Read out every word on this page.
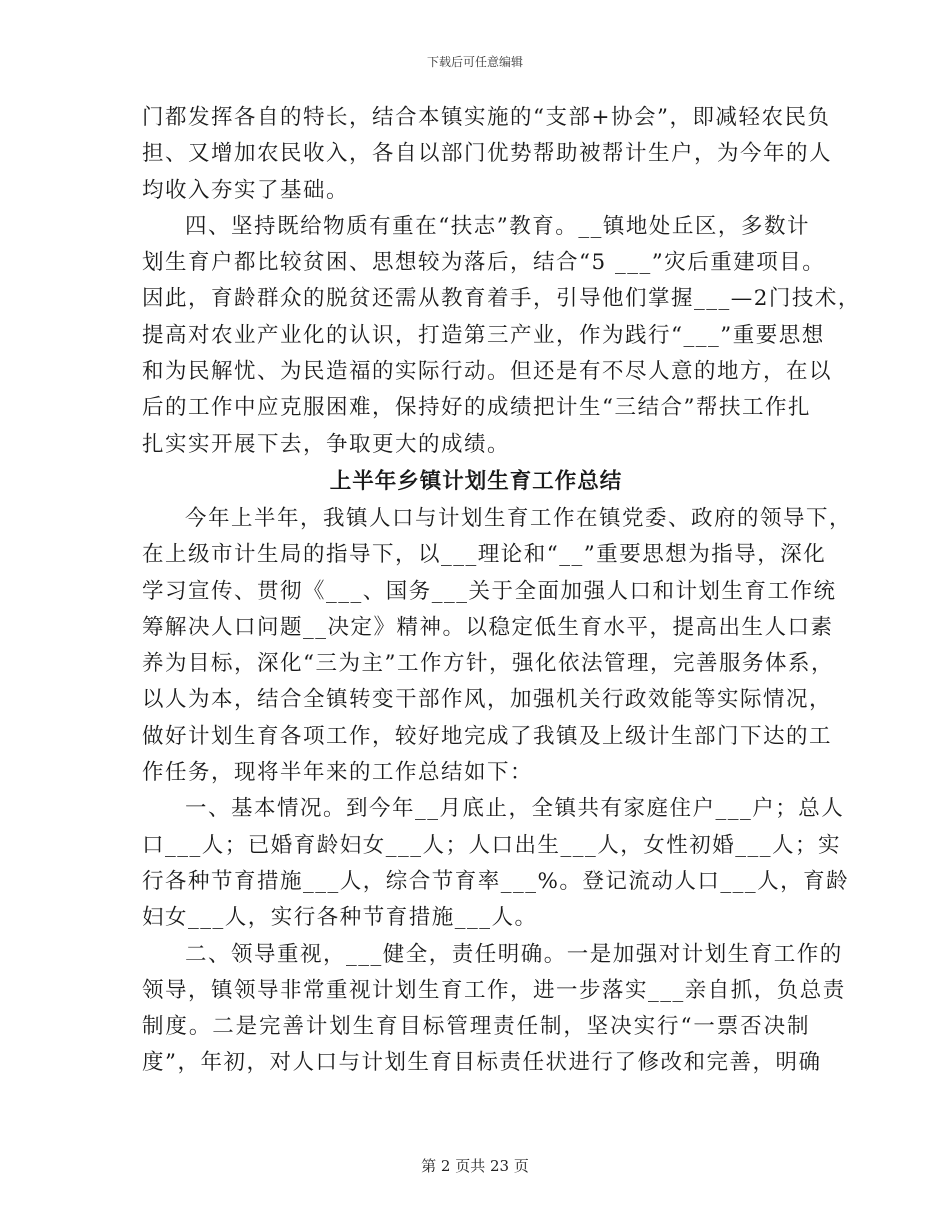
下载后可任意编辑
门都发挥各自的特长，结合本镇实施的“支部+协会”，即减轻农民负
担、又增加农民收入，各自以部门优势帮助被帮计生户，为今年的人
均收入夯实了基础。
四、坚持既给物质有重在“扶志”教育。__镇地处丘区，多数计
划生育户都比较贫困、思想较为落后，结合“5 ___”灾后重建项目。
因此，育龄群众的脱贫还需从教育着手，引导他们掌握___—2门技术，
提高对农业产业化的认识，打造第三产业，作为践行“___”重要思想
和为民解忧、为民造福的实际行动。但还是有不尽人意的地方，在以
后的工作中应克服困难，保持好的成绩把计生“三结合”帮扶工作扎
扎实实开展下去，争取更大的成绩。
上半年乡镇计划生育工作总结
今年上半年，我镇人口与计划生育工作在镇党委、政府的领导下，
在上级市计生局的指导下，以___理论和“__”重要思想为指导，深化
学习宣传、贯彻《___、国务___关于全面加强人口和计划生育工作统
筹解决人口问题__决定》精神。以稳定低生育水平，提高出生人口素
养为目标，深化“三为主”工作方针，强化依法管理，完善服务体系，
以人为本，结合全镇转变干部作风，加强机关行政效能等实际情况，
做好计划生育各项工作，较好地完成了我镇及上级计生部门下达的工
作任务，现将半年来的工作总结如下：
一、基本情况。到今年__月底止，全镇共有家庭住户___户；总人
口___人；已婚育龄妇女___人；人口出生___人，女性初婚___人；实
行各种节育措施___人，综合节育率___%。登记流动人口___人，育龄
妇女___人，实行各种节育措施___人。
二、领导重视，___健全，责任明确。一是加强对计划生育工作的
领导，镇领导非常重视计划生育工作，进一步落实___亲自抓，负总责
制度。二是完善计划生育目标管理责任制，坚决实行“一票否决制
度”，年初，对人口与计划生育目标责任状进行了修改和完善，明确
第 2 页共 23 页
